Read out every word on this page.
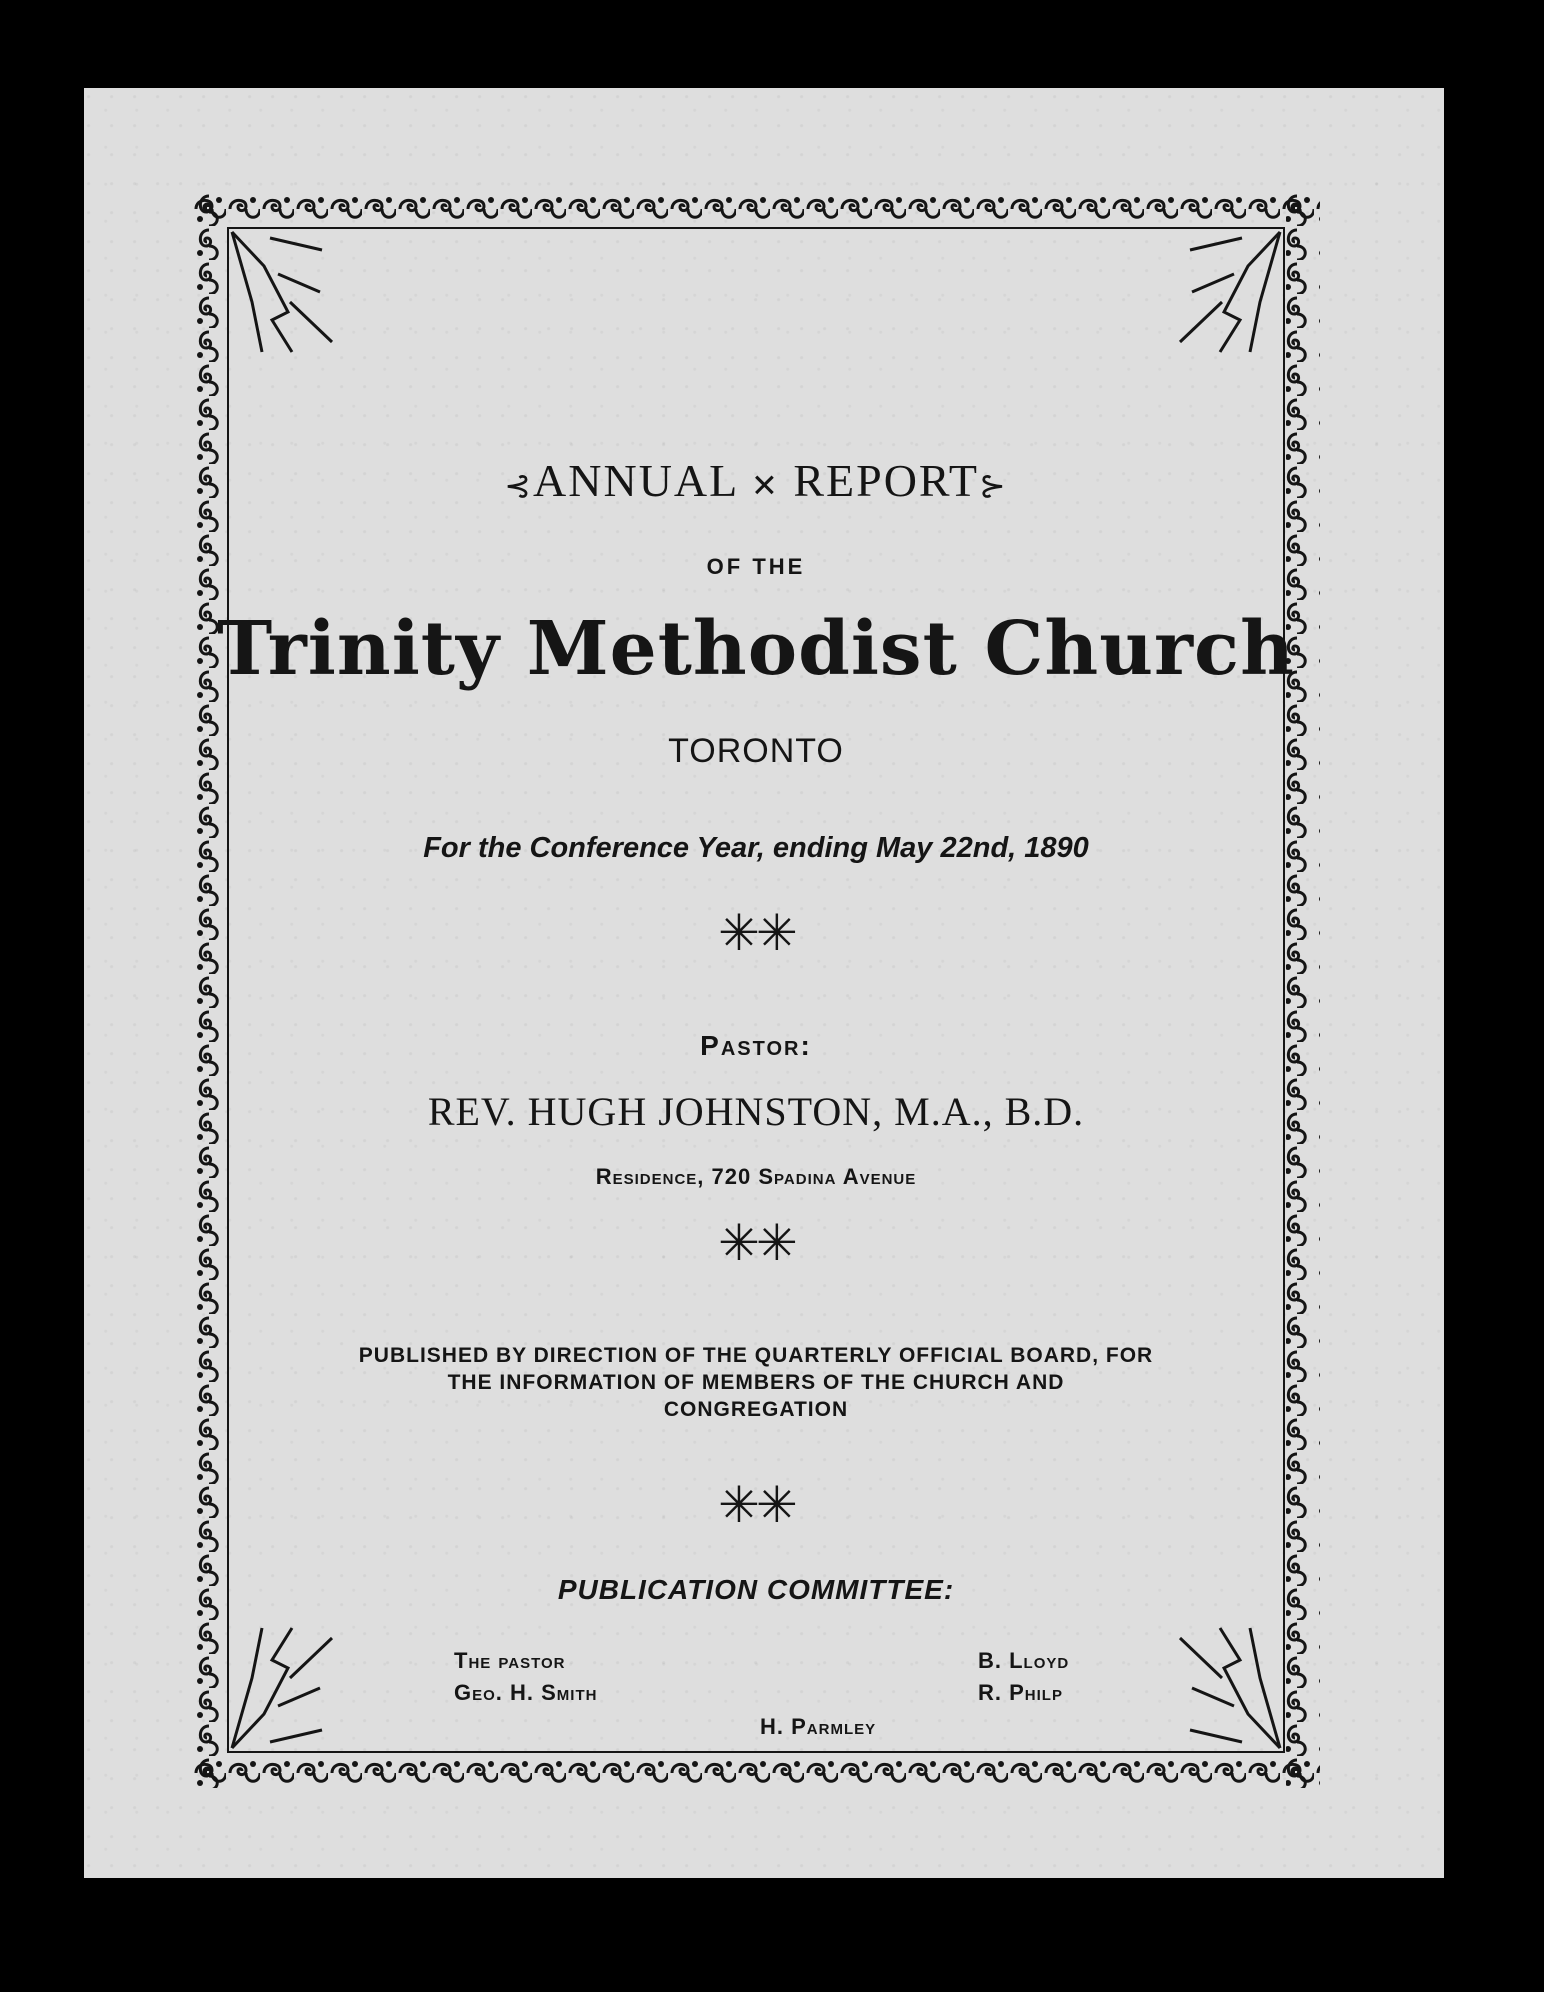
⊰ANNUAL ✕ REPORT⊱
OF THE
Trinity Methodist Church
TORONTO
For the Conference Year, ending May 22nd, 1890
✳✳
Pastor:
REV. HUGH JOHNSTON, M.A., B.D.
Residence, 720 Spadina Avenue
✳✳
PUBLISHED BY DIRECTION OF THE QUARTERLY OFFICIAL BOARD, FOR
THE INFORMATION OF MEMBERS OF THE CHURCH AND
CONGREGATION
✳✳
PUBLICATION COMMITTEE:
The pastor
Geo. H. Smith
B. Lloyd
R. Philp
H. Parmley
